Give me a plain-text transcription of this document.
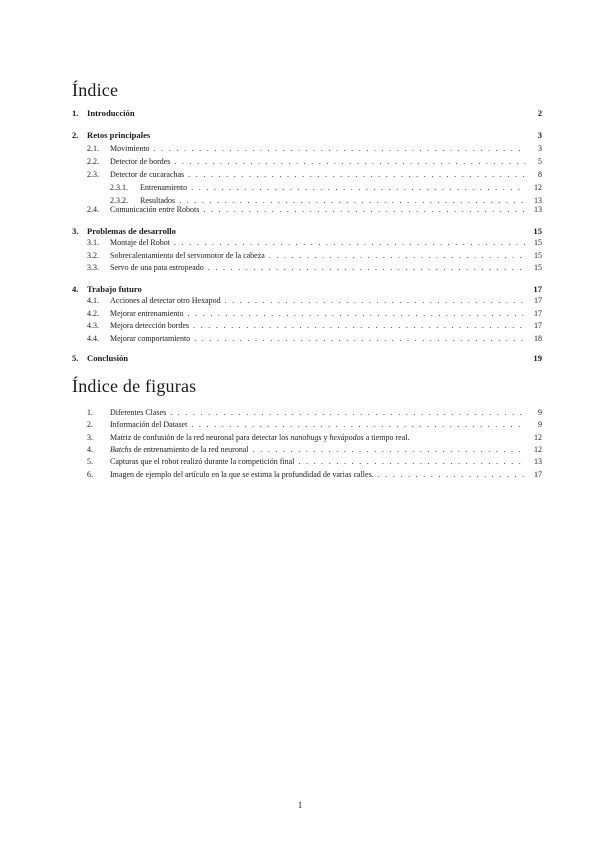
Índice
1. Introducción	2
2. Retos principales	3
2.1.	Movimiento . . .	3
2.2.	Detector de bordes . . .	5
2.3.	Detector de cucarachas . . .	8
2.3.1.	Entrenamiento . . .	12
2.3.2.	Resultados . . .	13
2.4.	Comunicación entre Robots . . .	13
3. Problemas de desarrollo	15
3.1.	Montaje del Robot . . .	15
3.2.	Sobrecalentamiento del servomotor de la cabeza . . .	15
3.3.	Servo de una pata estropeado . . .	15
4. Trabajo futuro	17
4.1.	Acciones al detectar otro Hexapod . . .	17
4.2.	Mejorar entrenamiento . . .	17
4.3.	Mejora detección bordes . . .	17
4.4.	Mejorar comportamiento . . .	18
5. Conclusión	19
Índice de figuras
1.	Diferentes Clases . . .	9
2.	Información del Dataset . . .	9
3.	Matriz de confusión de la red neuronal para detectar los nanobugs y hexápodos a tiempo real.	12
4.	Batchs de entrenamiento de la red neuronal . . .	12
5.	Capturas que el robot realizó durante la competición final . . .	13
6.	Imagen de ejemplo del artículo en la que se estima la profundidad de varias calles. . . .	17
1
